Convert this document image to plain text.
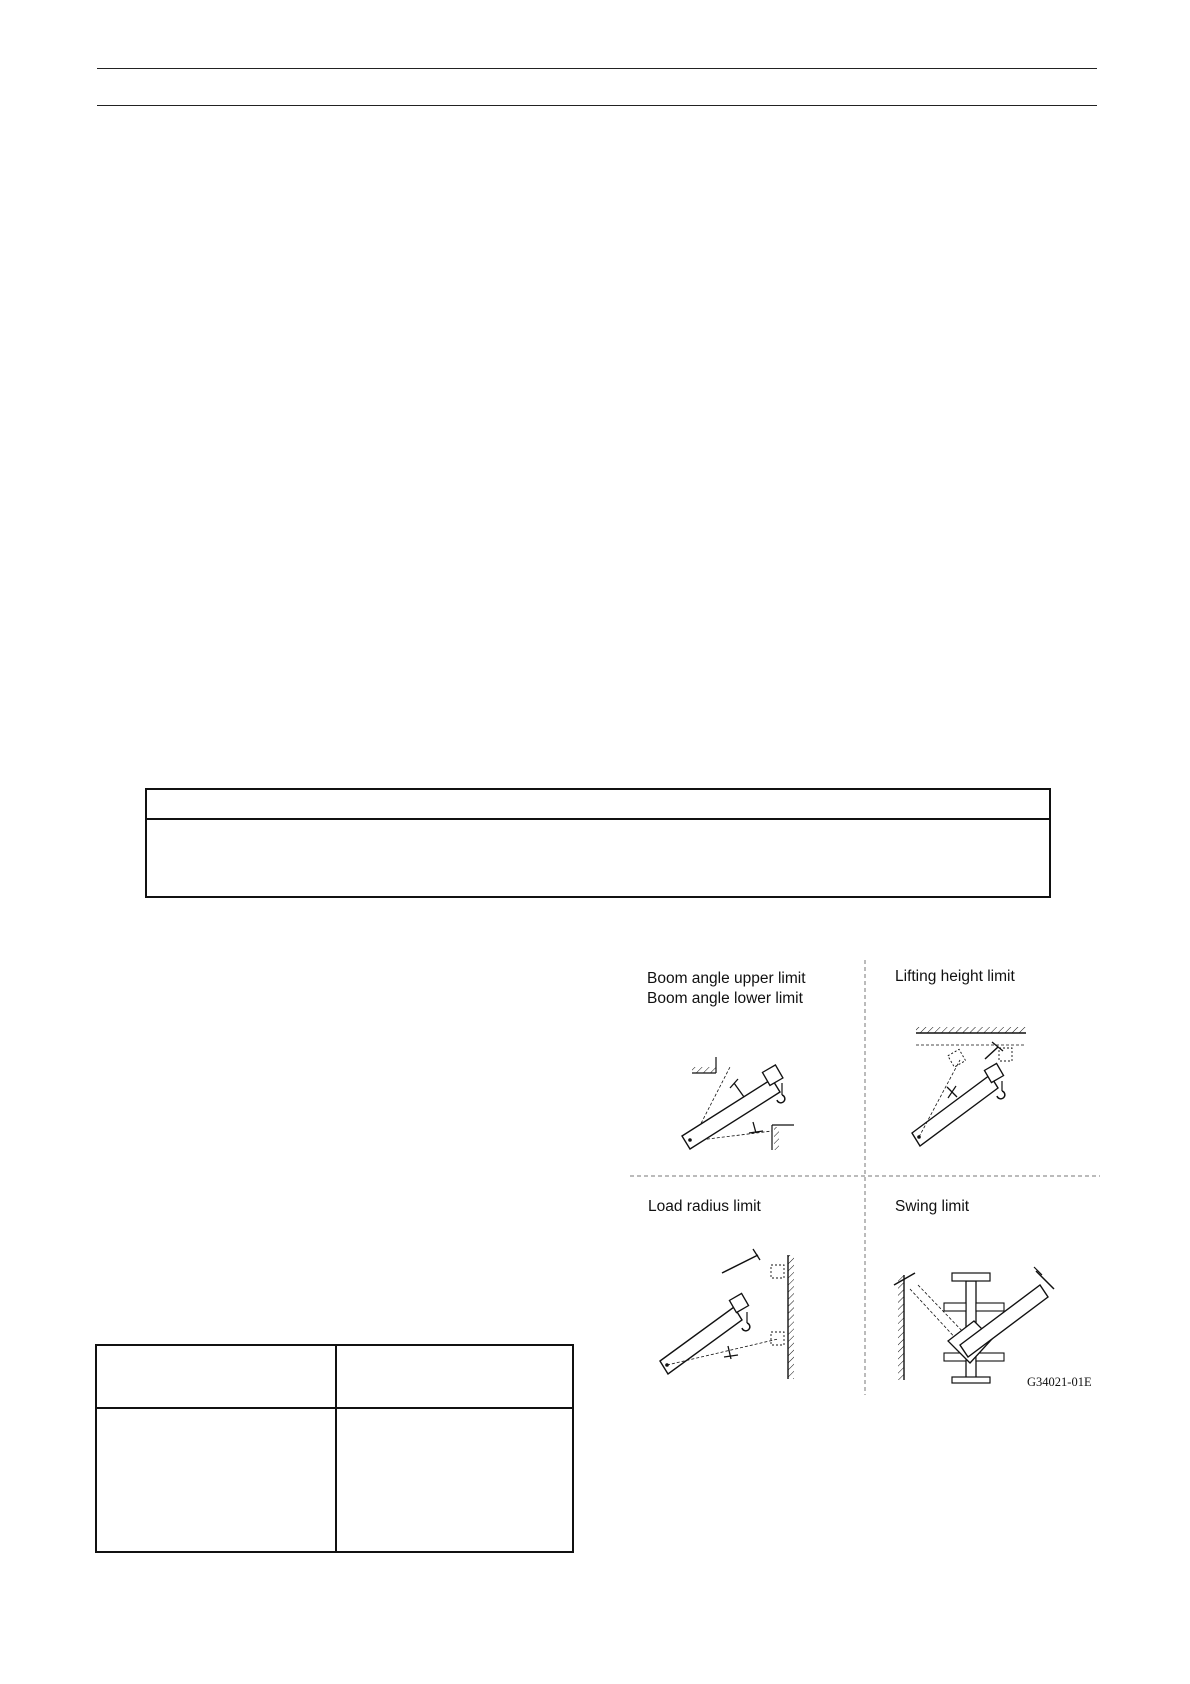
Boom angle upper limit
Boom angle lower limit
Lifting height limit
Load radius limit	Swing limit
G34021-01E
